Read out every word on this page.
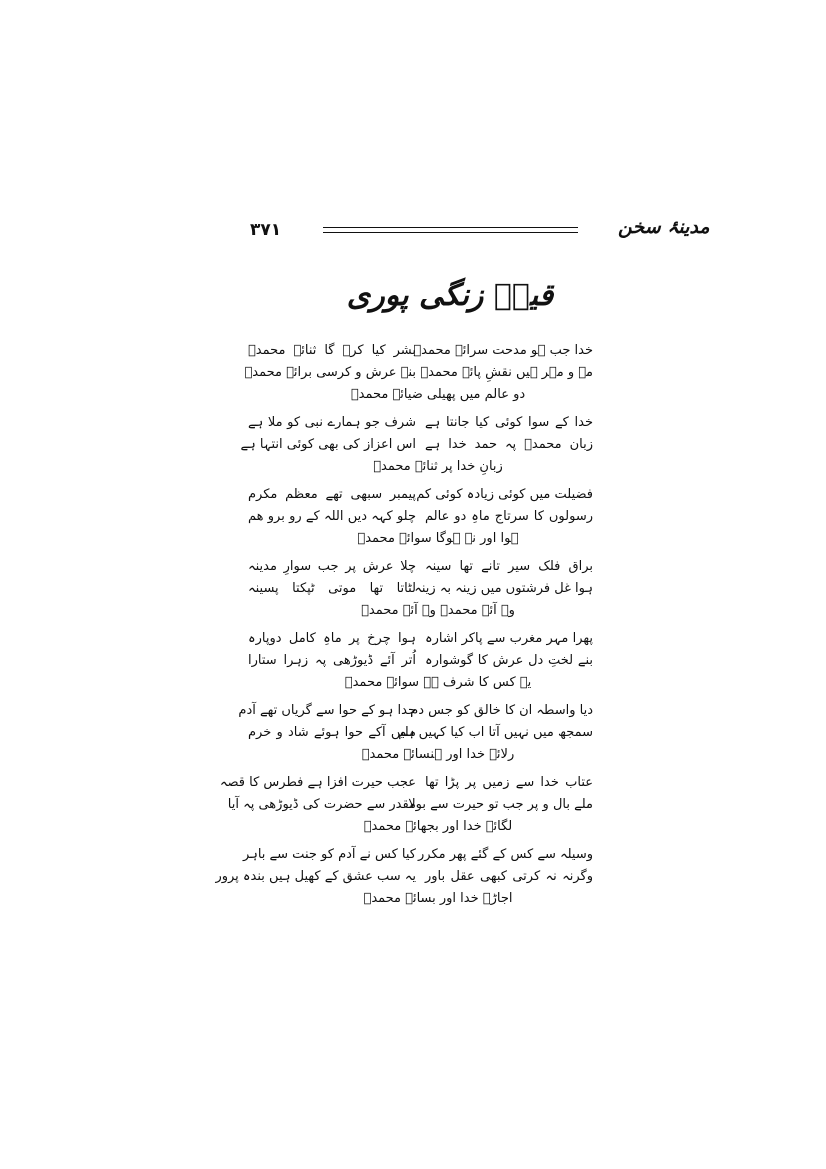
مدینۂ سخن
۳۷۱
قیسؔ زنگی پوری
خدا جب ہو مدحت سرائے محمدؐ
بشر کیا کرے گا ثنائے محمدؐ
مہ و مہر ہیں نقشِ پائے محمدؐ
بنے عرش و کرسی برائے محمدؐ
دو عالم میں پھیلی ضیائے محمدؐ
خدا کے سوا کوئی کیا جانتا ہے
شرف جو ہمارے نبی کو ملا ہے
زبان محمدؐ پہ حمد خدا ہے
اس اعزاز کی بھی کوئی انتہا ہے
زبانِ خدا پر ثنائے محمدؐ
فضیلت میں کوئی زیادہ کوئی کم
پیمبر سبھی تھے معظم مکرم
رسولوں کا سرتاج ماہِ دو عالم
چلو کہہ دیں اللہ کے رو برو ھم
ہوا اور نہ ہوگا سوائے محمدؐ
براق فلک سیر تانے تھا سینہ
چلا عرش پر جب سوارِ مدینہ
ہوا غل فرشتوں میں زینہ بہ زینہ
لٹاتا تھا موتی ٹپکتا پسینہ
وہ آئے محمدؐ وہ آئے محمدؐ
پھرا مہر مغرب سے پاکر اشارہ
ہوا چرخ پر ماہِ کامل دوپارہ
بنے لختِ دل عرش کا گوشوارہ
اُتر آئے ڈیوڑھی پہ زہرا ستارا
یہ کس کا شرف ہے سوائے محمدؐ
دیا واسطہ ان کا خالق کو جس دم
جدا ہو کے حوا سے گریاں تھے آدم
سمجھ میں نہیں آتا اب کیا کہیں ہم
ملیں آکے حوا ہوئے شاد و خرم
رلائے خدا اور ہنسائے محمدؐ
عتاب خدا سے زمیں پر پڑا تھا
عجب حیرت افزا ہے فطرس کا قصہ
ملے بال و پر جب تو حیرت سے بولا
مقدر سے حضرت کی ڈیوڑھی پہ آیا
لگائے خدا اور بجھائے محمدؐ
وسیلہ سے کس کے گئے پھر مکرر
کیا کس نے آدم کو جنت سے باہر
وگرنہ نہ کرتی کبھی عقل باور
یہ سب عشق کے کھیل ہیں بندہ پرور
اجاڑے خدا اور بسائے محمدؐ
